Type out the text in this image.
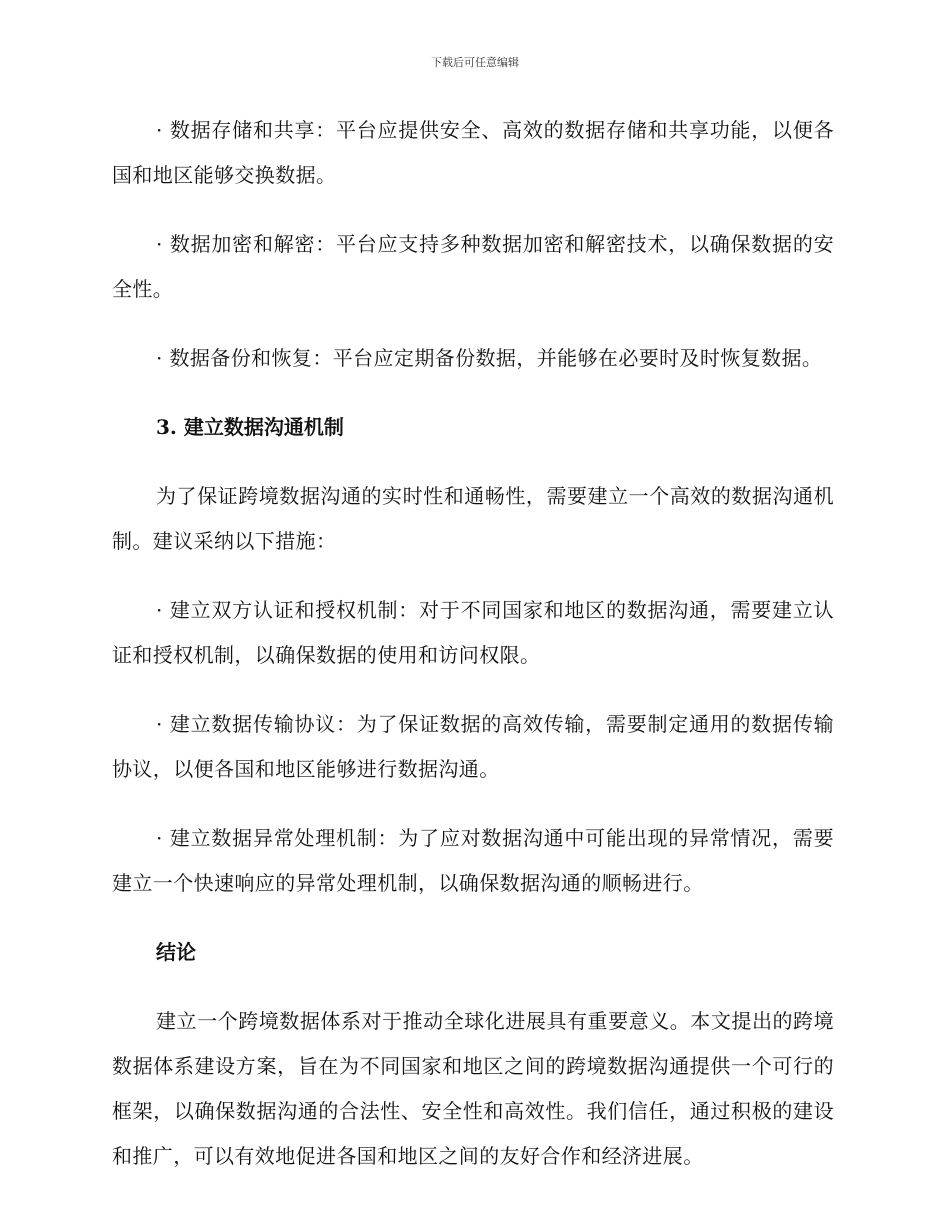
下载后可任意编辑

· 数据存储和共享：平台应提供安全、高效的数据存储和共享功能，以便各国和地区能够交换数据。

· 数据加密和解密：平台应支持多种数据加密和解密技术，以确保数据的安全性。

· 数据备份和恢复：平台应定期备份数据，并能够在必要时及时恢复数据。

3. 建立数据沟通机制

为了保证跨境数据沟通的实时性和通畅性，需要建立一个高效的数据沟通机制。建议采纳以下措施：

· 建立双方认证和授权机制：对于不同国家和地区的数据沟通，需要建立认证和授权机制，以确保数据的使用和访问权限。

· 建立数据传输协议：为了保证数据的高效传输，需要制定通用的数据传输协议，以便各国和地区能够进行数据沟通。

· 建立数据异常处理机制：为了应对数据沟通中可能出现的异常情况，需要建立一个快速响应的异常处理机制，以确保数据沟通的顺畅进行。

结论

建立一个跨境数据体系对于推动全球化进展具有重要意义。本文提出的跨境数据体系建设方案，旨在为不同国家和地区之间的跨境数据沟通提供一个可行的框架，以确保数据沟通的合法性、安全性和高效性。我们信任，通过积极的建设和推广，可以有效地促进各国和地区之间的友好合作和经济进展。
